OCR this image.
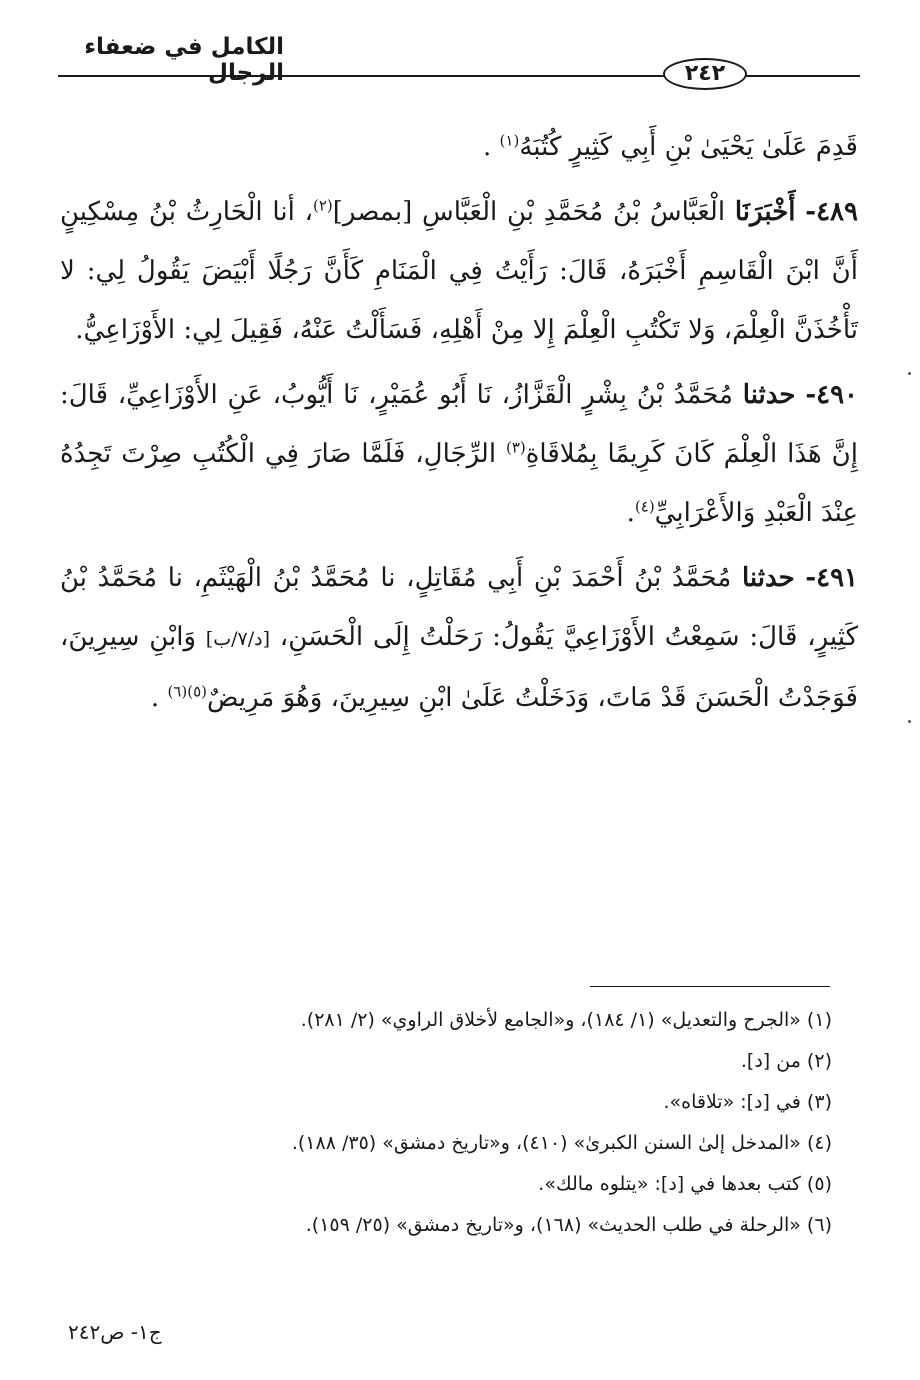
الكامل في ضعفاء الرجال	٢٤٢

قَدِمَ عَلَىٰ يَحْيَىٰ بْنِ أَبِي كَثِيرٍ كُتُبَهُ$^{(١)}$ .

٤٨٩- أَخْبَرَنَا الْعَبَّاسُ بْنُ مُحَمَّدِ بْنِ الْعَبَّاسِ [بمصر]$^{(٢)}$، أنا الْحَارِثُ بْنُ مِسْكِينٍ أَنَّ ابْنَ الْقَاسِمِ أَخْبَرَهُ، قَالَ: رَأَيْتُ فِي الْمَنَامِ كَأَنَّ رَجُلًا أَبْيَضَ يَقُولُ لِي: لا تَأْخُذَنَّ الْعِلْمَ، وَلا تَكْتُبِ الْعِلْمَ إِلا مِنْ أَهْلِهِ، فَسَأَلْتُ عَنْهُ، فَقِيلَ لِي: الأَوْزَاعِيُّ.

٤٩٠- حدثنا مُحَمَّدُ بْنُ بِشْرٍ الْقَزَّازُ، نَا أَبُو عُمَيْرٍ، نَا أَيُّوبُ، عَنِ الأَوْزَاعِيِّ، قَالَ: إِنَّ هَذَا الْعِلْمَ كَانَ كَرِيمًا بِمُلاقَاةِ$^{(٣)}$ الرِّجَالِ، فَلَمَّا صَارَ فِي الْكُتُبِ صِرْتَ تَجِدُهُ عِنْدَ الْعَبْدِ وَالأَعْرَابِيِّ$^{(٤)}$.

٤٩١- حدثنا مُحَمَّدُ بْنُ أَحْمَدَ بْنِ أَبِي مُقَاتِلٍ، نا مُحَمَّدُ بْنُ الْهَيْثَمِ، نا مُحَمَّدُ بْنُ كَثِيرٍ، قَالَ: سَمِعْتُ الأَوْزَاعِيَّ يَقُولُ: رَحَلْتُ إِلَى الْحَسَنِ، [د/٧/ب] وَابْنِ سِيرِينَ، فَوَجَدْتُ الْحَسَنَ قَدْ مَاتَ، وَدَخَلْتُ عَلَىٰ ابْنِ سِيرِينَ، وَهُوَ مَرِيضٌ$^{(٥)(٦)}$ .

(١) «الجرح والتعديل» (١/ ١٨٤)، و«الجامع لأخلاق الراوي» (٢/ ٢٨١).
(٢) من [د].
(٣) في [د]: «تلاقاه».
(٤) «المدخل إلىٰ السنن الكبرىٰ» (٤١٠)، و«تاريخ دمشق» (٣٥/ ١٨٨).
(٥) كتب بعدها في [د]: «يتلوه مالك».
(٦) «الرحلة في طلب الحديث» (١٦٨)، و«تاريخ دمشق» (٢٥/ ١٥٩).
ج١- ص٢٤٢
